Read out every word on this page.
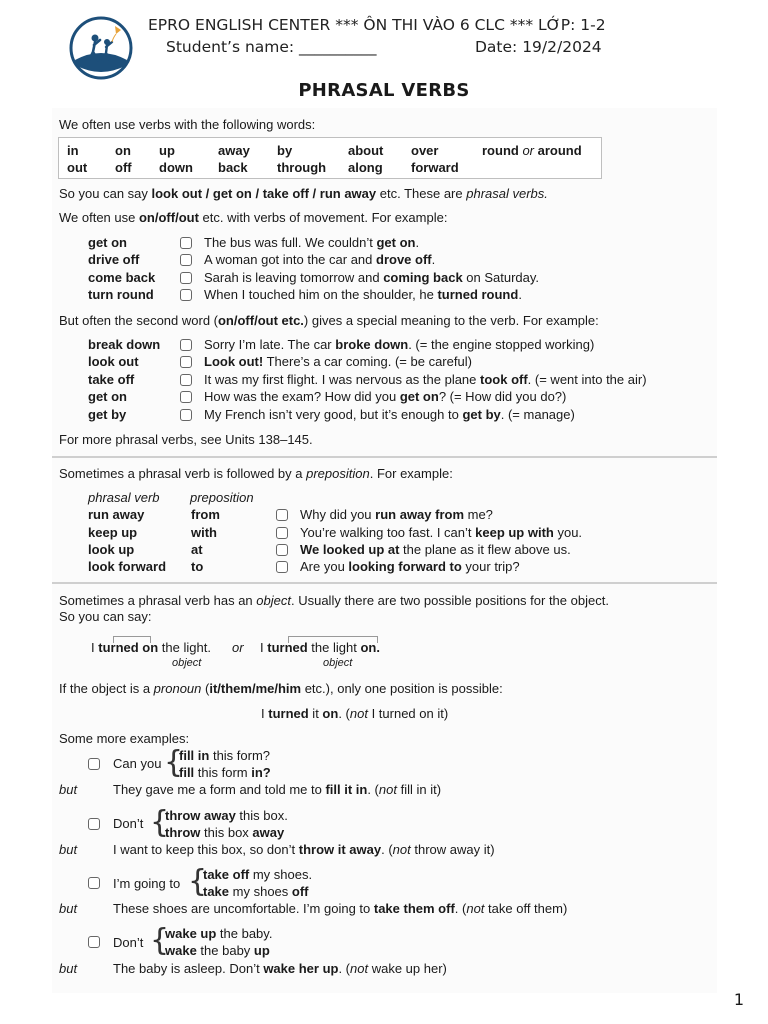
EPRO ENGLISH CENTER *** ÔN THI VÀO 6 CLC *** LỚP: 1-2
Student’s name: __________	Date: 19/2/2024
PHRASAL VERBS
We often use verbs with the following words:
in	on up	away by	about over	round or around
out off down back through along forward
So you can say look out / get on / take off / run away etc. These are phrasal verbs.
We often use on/off/out etc. with verbs of movement. For example:
get on	The bus was full. We couldn’t get on.
drive off	A woman got into the car and drove off.
come back	Sarah is leaving tomorrow and coming back on Saturday.
turn round	When I touched him on the shoulder, he turned round.
But often the second word (on/off/out etc.) gives a special meaning to the verb. For example:
break down	Sorry I’m late. The car broke down. (= the engine stopped working)
look out	Look out! There’s a car coming. (= be careful)
take off	It was my first flight. I was nervous as the plane took off. (= went into the air)
get on	How was the exam? How did you get on? (= How did you do?)
get by	My French isn’t very good, but it’s enough to get by. (= manage)
For more phrasal verbs, see Units 138–145.
Sometimes a phrasal verb is followed by a preposition. For example:
phrasal verb preposition
run away	from	Why did you run away from me?
keep up	with	You’re walking too fast. I can’t keep up with you.
look up	at	We looked up at the plane as it flew above us.
look forward to	Are you looking forward to your trip?
Sometimes a phrasal verb has an object. Usually there are two possible positions for the object.
So you can say:
I turned on the light. or I turned the light on.
object	object
If the object is a pronoun (it/them/me/him etc.), only one position is possible:
I turned it on. (not I turned on it)
Some more examples:
Can you {
fill in this form?
fill this form in?
but	They gave me a form and told me to fill it in. (not fill in it)
Don’t {
throw away this box.
throw this box away
but	I want to keep this box, so don’t throw it away. (not throw away it)
I’m going to {
take off my shoes.
take my shoes off
but	These shoes are uncomfortable. I’m going to take them off. (not take off them)
Don’t {
wake up the baby.
wake the baby up
but	The baby is asleep. Don’t wake her up. (not wake up her)
1
